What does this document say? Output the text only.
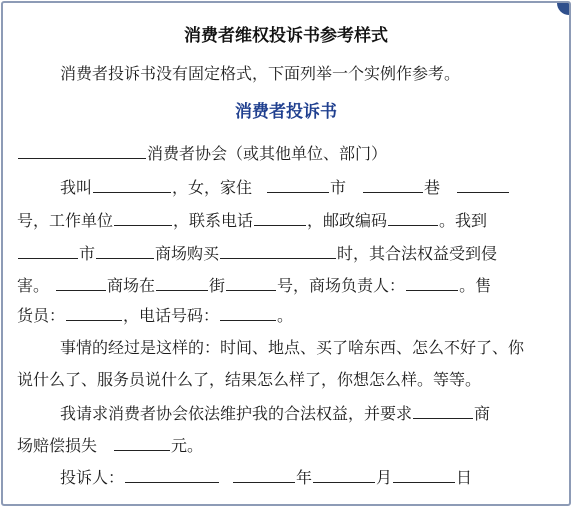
消费者维权投诉书参考样式
消费者投诉书没有固定格式，下面列举一个实例作参考。
消费者投诉书
消费者协会（或其他单位、部门）
我叫	，女，家住	市	巷
号，工作单位	，联系电话	，邮政编码	。我到
市	商场购买	时，其合法权益受到侵
害。	商场在	街	号，商场负责人：	。售
货员：	，电话号码：	。
事情的经过是这样的：时间、地点、买了啥东西、怎么不好了、你
说什么了、服务员说什么了，结果怎么样了，你想怎么样。等等。
我请求消费者协会依法维护我的合法权益，并要求	商
场赔偿损失	元。
投诉人：	年	月	日
